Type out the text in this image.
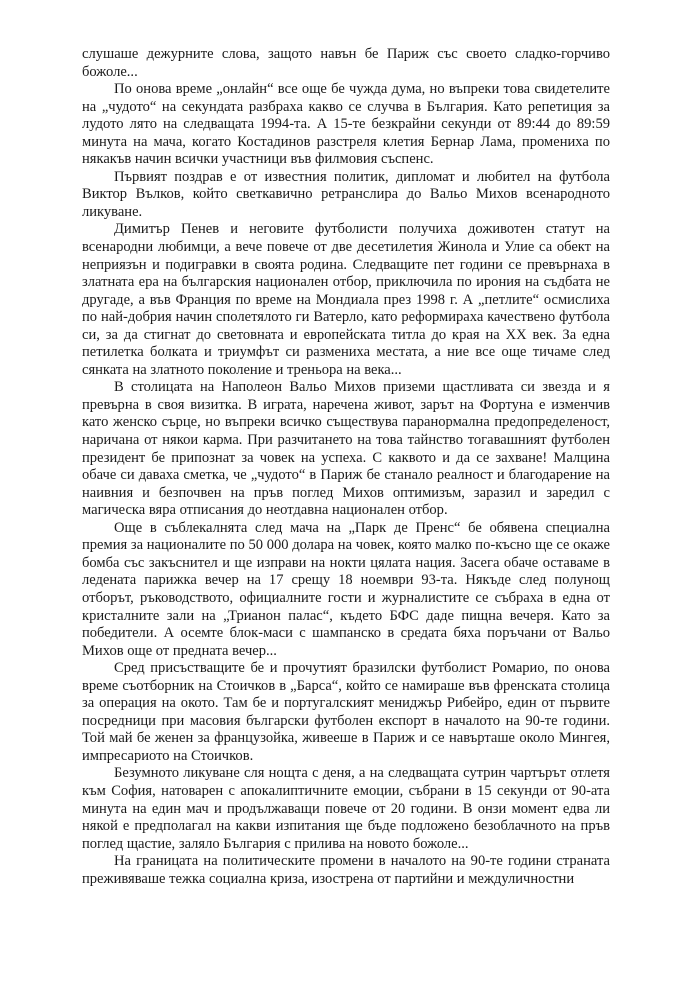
слушаше дежурните слова, защото навън бе Париж със своето сладко-горчиво божоле...

По онова време „онлайн“ все още бе чужда дума, но въпреки това свидетелите на „чудото“ на секундата разбраха какво се случва в България. Като репетиция за лудото лято на следващата 1994-та. А 15-те безкрайни секунди от 89:44 до 89:59 минута на мача, когато Костадинов разстреля клетия Бернар Лама, промениха по някакъв начин всички участници във филмовия съспенс.

Първият поздрав е от известния политик, дипломат и любител на футбола Виктор Вълков, който светкавично ретранслира до Вальо Михов всенародното ликуване.

Димитър Пенев и неговите футболисти получиха доживотен статут на всенародни любимци, а вече повече от две десетилетия Жинола и Улие са обект на неприязън и подигравки в своята родина. Следващите пет години се превърнаха в златната ера на българския национален отбор, приключила по ирония на съдбата не другаде, а във Франция по време на Мондиала през 1998 г. А „петлите“ осмислиха по най-добрия начин сполетялото ги Ватерло, като реформираха качествено футбола си, за да стигнат до световната и европейската титла до края на XX век. За една петилетка болката и триумфът си размениха местата, а ние все още тичаме след сянката на златното поколение и треньора на века...

В столицата на Наполеон Вальо Михов приземи щастливата си звезда и я превърна в своя визитка. В играта, наречена живот, зарът на Фортуна е изменчив като женско сърце, но въпреки всичко съществува паранормална предопределеност, наричана от някои карма. При разчитането на това тайнство тогавашният футболен президент бе припознат за човек на успеха. С каквото и да се захване! Малцина обаче си даваха сметка, че „чудото“ в Париж бе станало реалност и благодарение на наивния и безпочвен на пръв поглед Михов оптимизъм, заразил и заредил с магическа вяра отписания до неотдавна национален отбор.

Още в съблекалнята след мача на „Парк де Пренс“ бе обявена специална премия за националите по 50 000 долара на човек, която малко по-късно ще се окаже бомба със закъснител и ще изправи на нокти цялата нация. Засега обаче оставаме в ледената парижка вечер на 17 срещу 18 ноември 93-та. Някъде след полунощ отборът, ръководството, официалните гости и журналистите се събраха в една от кристалните зали на „Трианон палас“, където БФС даде пищна вечеря. Като за победители. А осемте блок-маси с шампанско в средата бяха поръчани от Вальо Михов още от предната вечер...

Сред присъстващите бе и прочутият бразилски футболист Ромарио, по онова време съотборник на Стоичков в „Барса“, който се намираше във френската столица за операция на окото. Там бе и португалският мениджър Рибейро, един от първите посредници при масовия български футболен експорт в началото на 90-те години. Той май бе женен за французойка, живееше в Париж и се навърташе около Мингея, импресариото на Стоичков.

Безумното ликуване сля нощта с деня, а на следващата сутрин чартърът отлетя към София, натоварен с апокалиптичните емоции, събрани в 15 секунди от 90-ата минута на един мач и продължаващи повече от 20 години. В онзи момент едва ли някой е предполагал на какви изпитания ще бъде подложено безоблачното на пръв поглед щастие, заляло България с прилива на новото божоле...

На границата на политическите промени в началото на 90-те години страната преживяваше тежка социална криза, изострена от партийни и междуличностни
